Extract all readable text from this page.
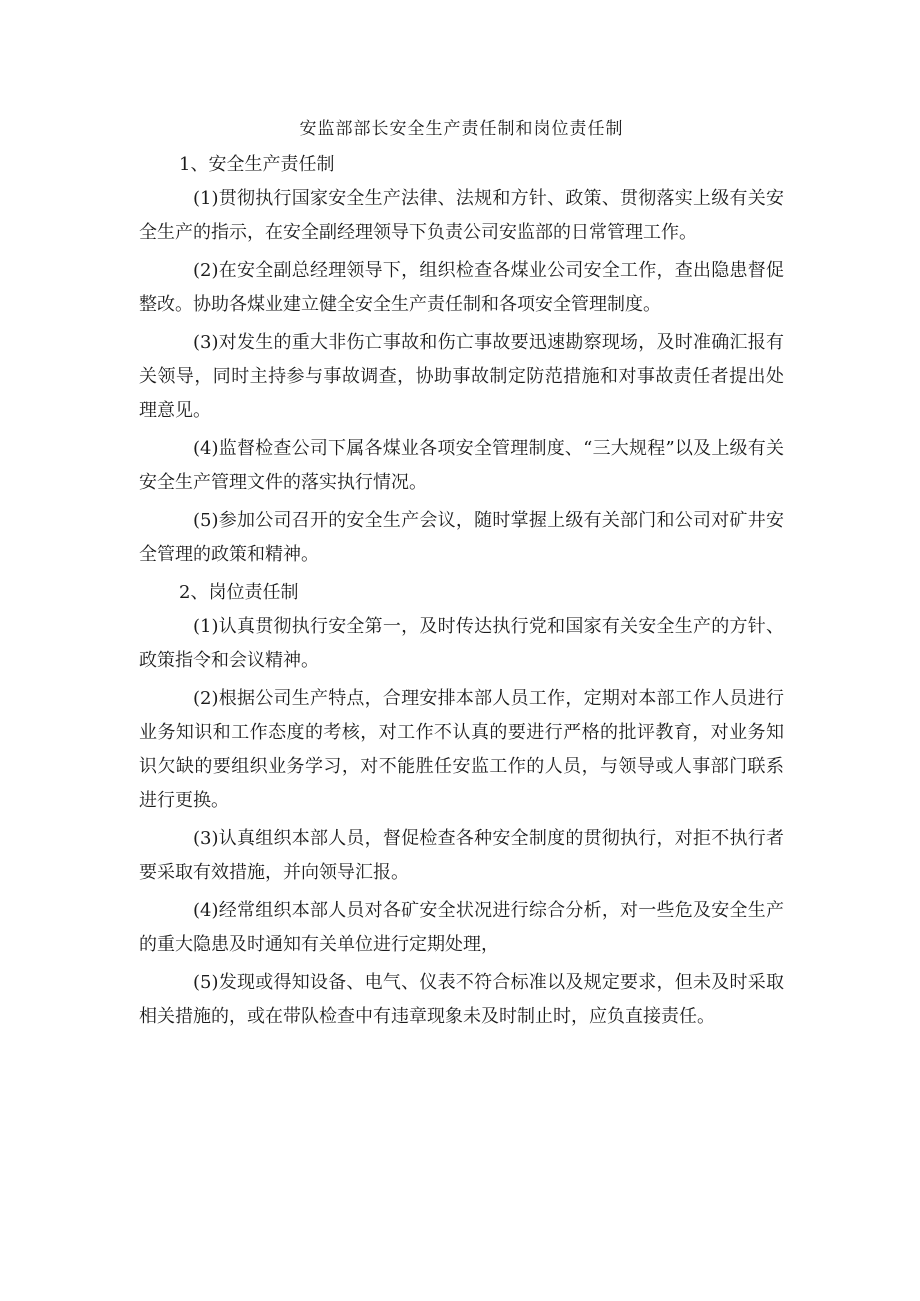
安监部部长安全生产责任制和岗位责任制
1、安全生产责任制

(1)贯彻执行国家安全生产法律、法规和方针、政策、贯彻落实上级有关安全生产的指示，在安全副经理领导下负责公司安监部的日常管理工作。

(2)在安全副总经理领导下，组织检查各煤业公司安全工作，查出隐患督促整改。协助各煤业建立健全安全生产责任制和各项安全管理制度。

(3)对发生的重大非伤亡事故和伤亡事故要迅速勘察现场，及时准确汇报有关领导，同时主持参与事故调查，协助事故制定防范措施和对事故责任者提出处理意见。

(4)监督检查公司下属各煤业各项安全管理制度、“三大规程”以及上级有关安全生产管理文件的落实执行情况。

(5)参加公司召开的安全生产会议，随时掌握上级有关部门和公司对矿井安全管理的政策和精神。

2、岗位责任制

(1)认真贯彻执行安全第一，及时传达执行党和国家有关安全生产的方针、政策指令和会议精神。

(2)根据公司生产特点，合理安排本部人员工作，定期对本部工作人员进行业务知识和工作态度的考核，对工作不认真的要进行严格的批评教育，对业务知识欠缺的要组织业务学习，对不能胜任安监工作的人员，与领导或人事部门联系进行更换。

(3)认真组织本部人员，督促检查各种安全制度的贯彻执行，对拒不执行者要采取有效措施，并向领导汇报。

(4)经常组织本部人员对各矿安全状况进行综合分析，对一些危及安全生产的重大隐患及时通知有关单位进行定期处理，

(5)发现或得知设备、电气、仪表不符合标准以及规定要求，但未及时采取相关措施的，或在带队检查中有违章现象未及时制止时，应负直接责任。
